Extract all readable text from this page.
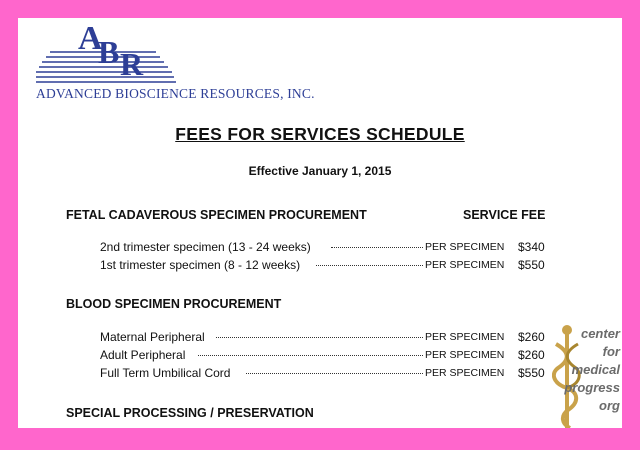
A
B R
ADVANCED BIOSCIENCE RESOURCES, INC.
FEES FOR SERVICES SCHEDULE
Effective January 1, 2015
FETAL CADAVEROUS SPECIMEN PROCUREMENT	SERVICE FEE
2nd trimester specimen (13 - 24 weeks)	PER SPECIMEN $340
1st trimester specimen (8 - 12 weeks)	PER SPECIMEN $550
BLOOD SPECIMEN PROCUREMENT
Maternal Peripheral	PER SPECIMEN $260
Adult Peripheral	PER SPECIMEN $260
Full Term Umbilical Cord	PER SPECIMEN $550
SPECIAL PROCESSING / PRESERVATION
center
for
medical
progress
org
